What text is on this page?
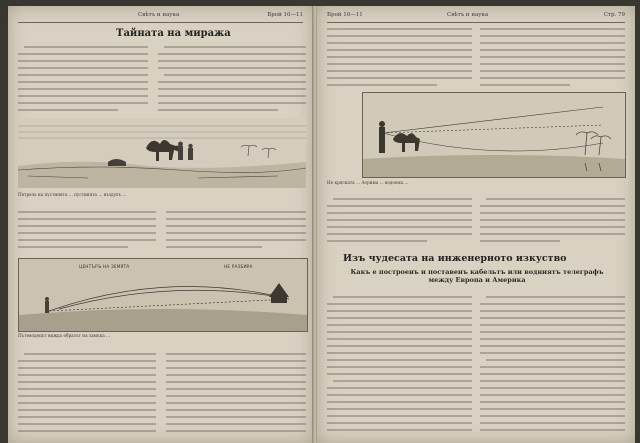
Свѣтъ и наука	Брой 10—11
Тайната на миража
Петрель на пустинята ... пустинята ... въздухъ ...
ЦЕНТЪРЪ НА ЗЕМЯТА	НЕ РАЗБИРА
Пътеводецът вижда образът на замъка ...
Брой 10—11	Свѣтъ и наука	Стр. 79
Не кряската ... Аорима ... водоема ...
Изъ чудесата на инженерното изкуство
Какъ е построенъ и поставенъ кабельтъ или водниятъ телеграфъ между Европа и Америка
